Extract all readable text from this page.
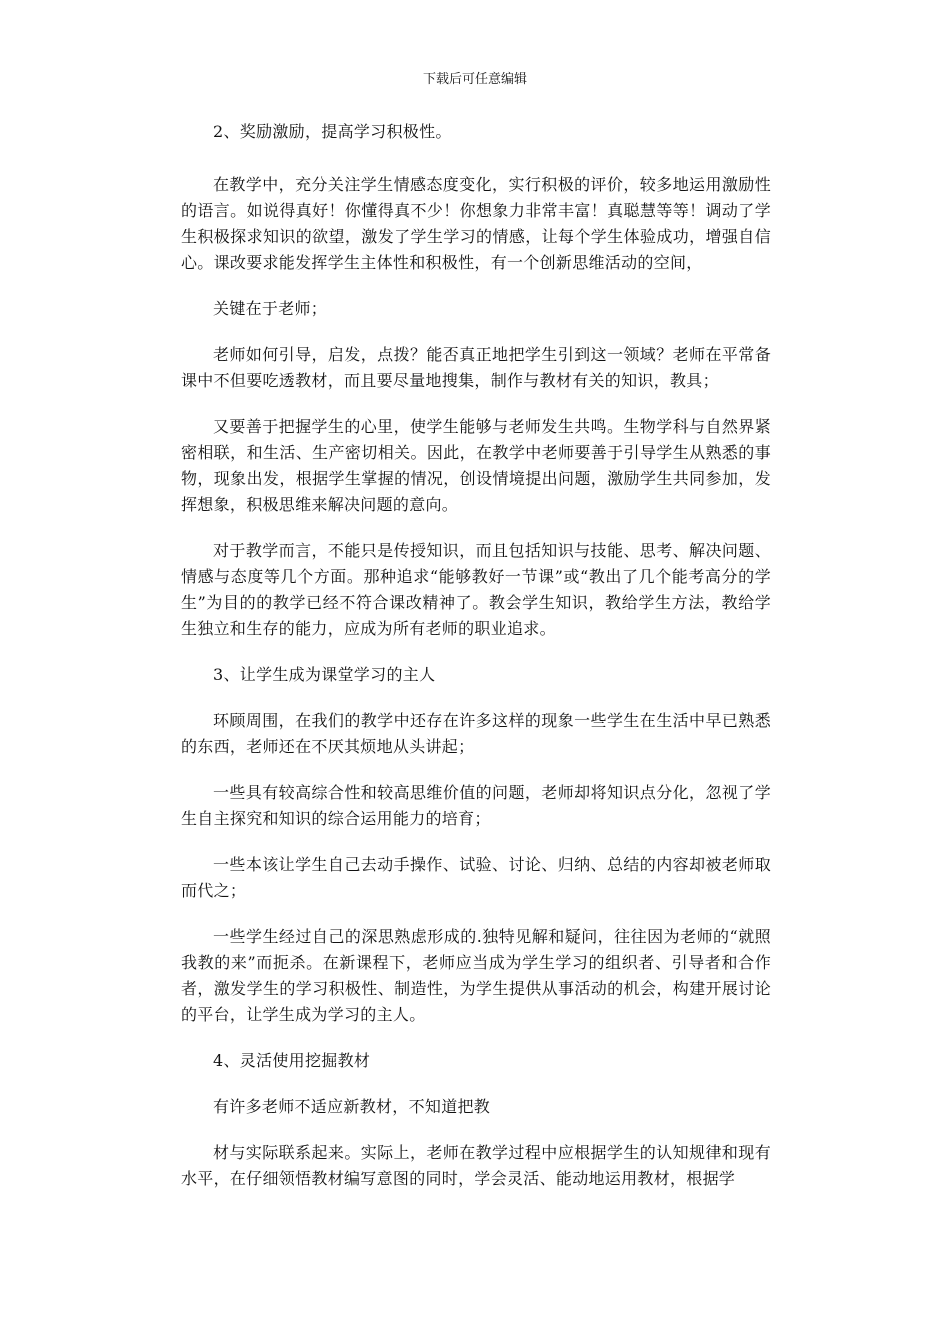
下载后可任意编辑

2、奖励激励，提高学习积极性。

在教学中，充分关注学生情感态度变化，实行积极的评价，较多地运用激励性的语言。如说得真好！你懂得真不少！你想象力非常丰富！真聪慧等等！调动了学生积极探求知识的欲望，激发了学生学习的情感，让每个学生体验成功，增强自信心。课改要求能发挥学生主体性和积极性，有一个创新思维活动的空间，

关键在于老师；

老师如何引导，启发，点拨？能否真正地把学生引到这一领域？老师在平常备课中不但要吃透教材，而且要尽量地搜集，制作与教材有关的知识，教具；

又要善于把握学生的心里，使学生能够与老师发生共鸣。生物学科与自然界紧密相联，和生活、生产密切相关。因此，在教学中老师要善于引导学生从熟悉的事物，现象出发，根据学生掌握的情况，创设情境提出问题，激励学生共同参加，发挥想象，积极思维来解决问题的意向。

对于教学而言，不能只是传授知识，而且包括知识与技能、思考、解决问题、情感与态度等几个方面。那种追求“能够教好一节课”或“教出了几个能考高分的学生”为目的的教学已经不符合课改精神了。教会学生知识，教给学生方法，教给学生独立和生存的能力，应成为所有老师的职业追求。

3、让学生成为课堂学习的主人

环顾周围，在我们的教学中还存在许多这样的现象一些学生在生活中早已熟悉的东西，老师还在不厌其烦地从头讲起；

一些具有较高综合性和较高思维价值的问题，老师却将知识点分化，忽视了学生自主探究和知识的综合运用能力的培育；

一些本该让学生自己去动手操作、试验、讨论、归纳、总结的内容却被老师取而代之；

一些学生经过自己的深思熟虑形成的.独特见解和疑问，往往因为老师的“就照我教的来”而扼杀。在新课程下，老师应当成为学生学习的组织者、引导者和合作者，激发学生的学习积极性、制造性，为学生提供从事活动的机会，构建开展讨论的平台，让学生成为学习的主人。

4、灵活使用挖掘教材

有许多老师不适应新教材，不知道把教

材与实际联系起来。实际上，老师在教学过程中应根据学生的认知规律和现有水平，在仔细领悟教材编写意图的同时，学会灵活、能动地运用教材，根据学
